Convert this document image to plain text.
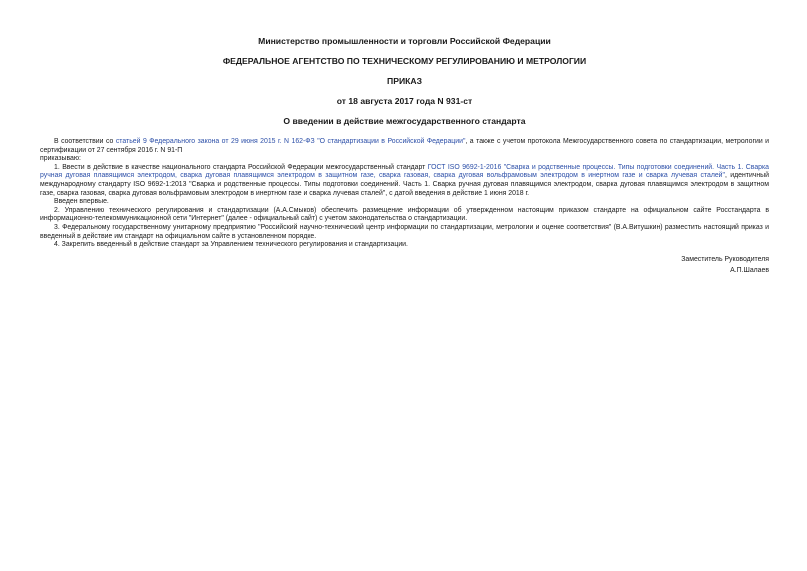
Министерство промышленности и торговли Российской Федерации

ФЕДЕРАЛЬНОЕ АГЕНТСТВО ПО ТЕХНИЧЕСКОМУ РЕГУЛИРОВАНИЮ И МЕТРОЛОГИИ

ПРИКАЗ

от 18 августа 2017 года N 931-ст

О введении в действие межгосударственного стандарта

В соответствии со статьей 9 Федерального закона от 29 июня 2015 г. N 162-ФЗ "О стандартизации в Российской Федерации", а также с учетом протокола Межгосударственного совета по стандартизации, метрологии и сертификации от 27 сентября 2016 г. N 91-П

приказываю:

1. Ввести в действие в качестве национального стандарта Российской Федерации межгосударственный стандарт ГОСТ ISO 9692-1-2016 "Сварка и родственные процессы. Типы подготовки соединений. Часть 1. Сварка ручная дуговая плавящимся электродом, сварка дуговая плавящимся электродом в защитном газе, сварка газовая, сварка дуговая вольфрамовым электродом в инертном газе и сварка лучевая сталей", идентичный международному стандарту ISO 9692-1:2013 "Сварка и родственные процессы. Типы подготовки соединений. Часть 1. Сварка ручная дуговая плавящимся электродом, сварка дуговая плавящимся электродом в защитном газе, сварка газовая, сварка дуговая вольфрамовым электродом в инертном газе и сварка лучевая сталей", с датой введения в действие 1 июня 2018 г.

Введен впервые.

2. Управлению технического регулирования и стандартизации (А.А.Смыков) обеспечить размещение информации об утвержденном настоящим приказом стандарте на официальном сайте Росстандарта в информационно-телекоммуникационной сети "Интернет" (далее - официальный сайт) с учетом законодательства о стандартизации.

3. Федеральному государственному унитарному предприятию "Российский научно-технический центр информации по стандартизации, метрологии и оценке соответствия" (В.А.Витушкин) разместить настоящий приказ и введенный в действие им стандарт на официальном сайте в установленном порядке.

4. Закрепить введенный в действие стандарт за Управлением технического регулирования и стандартизации.

Заместитель Руководителя
А.П.Шалаев
